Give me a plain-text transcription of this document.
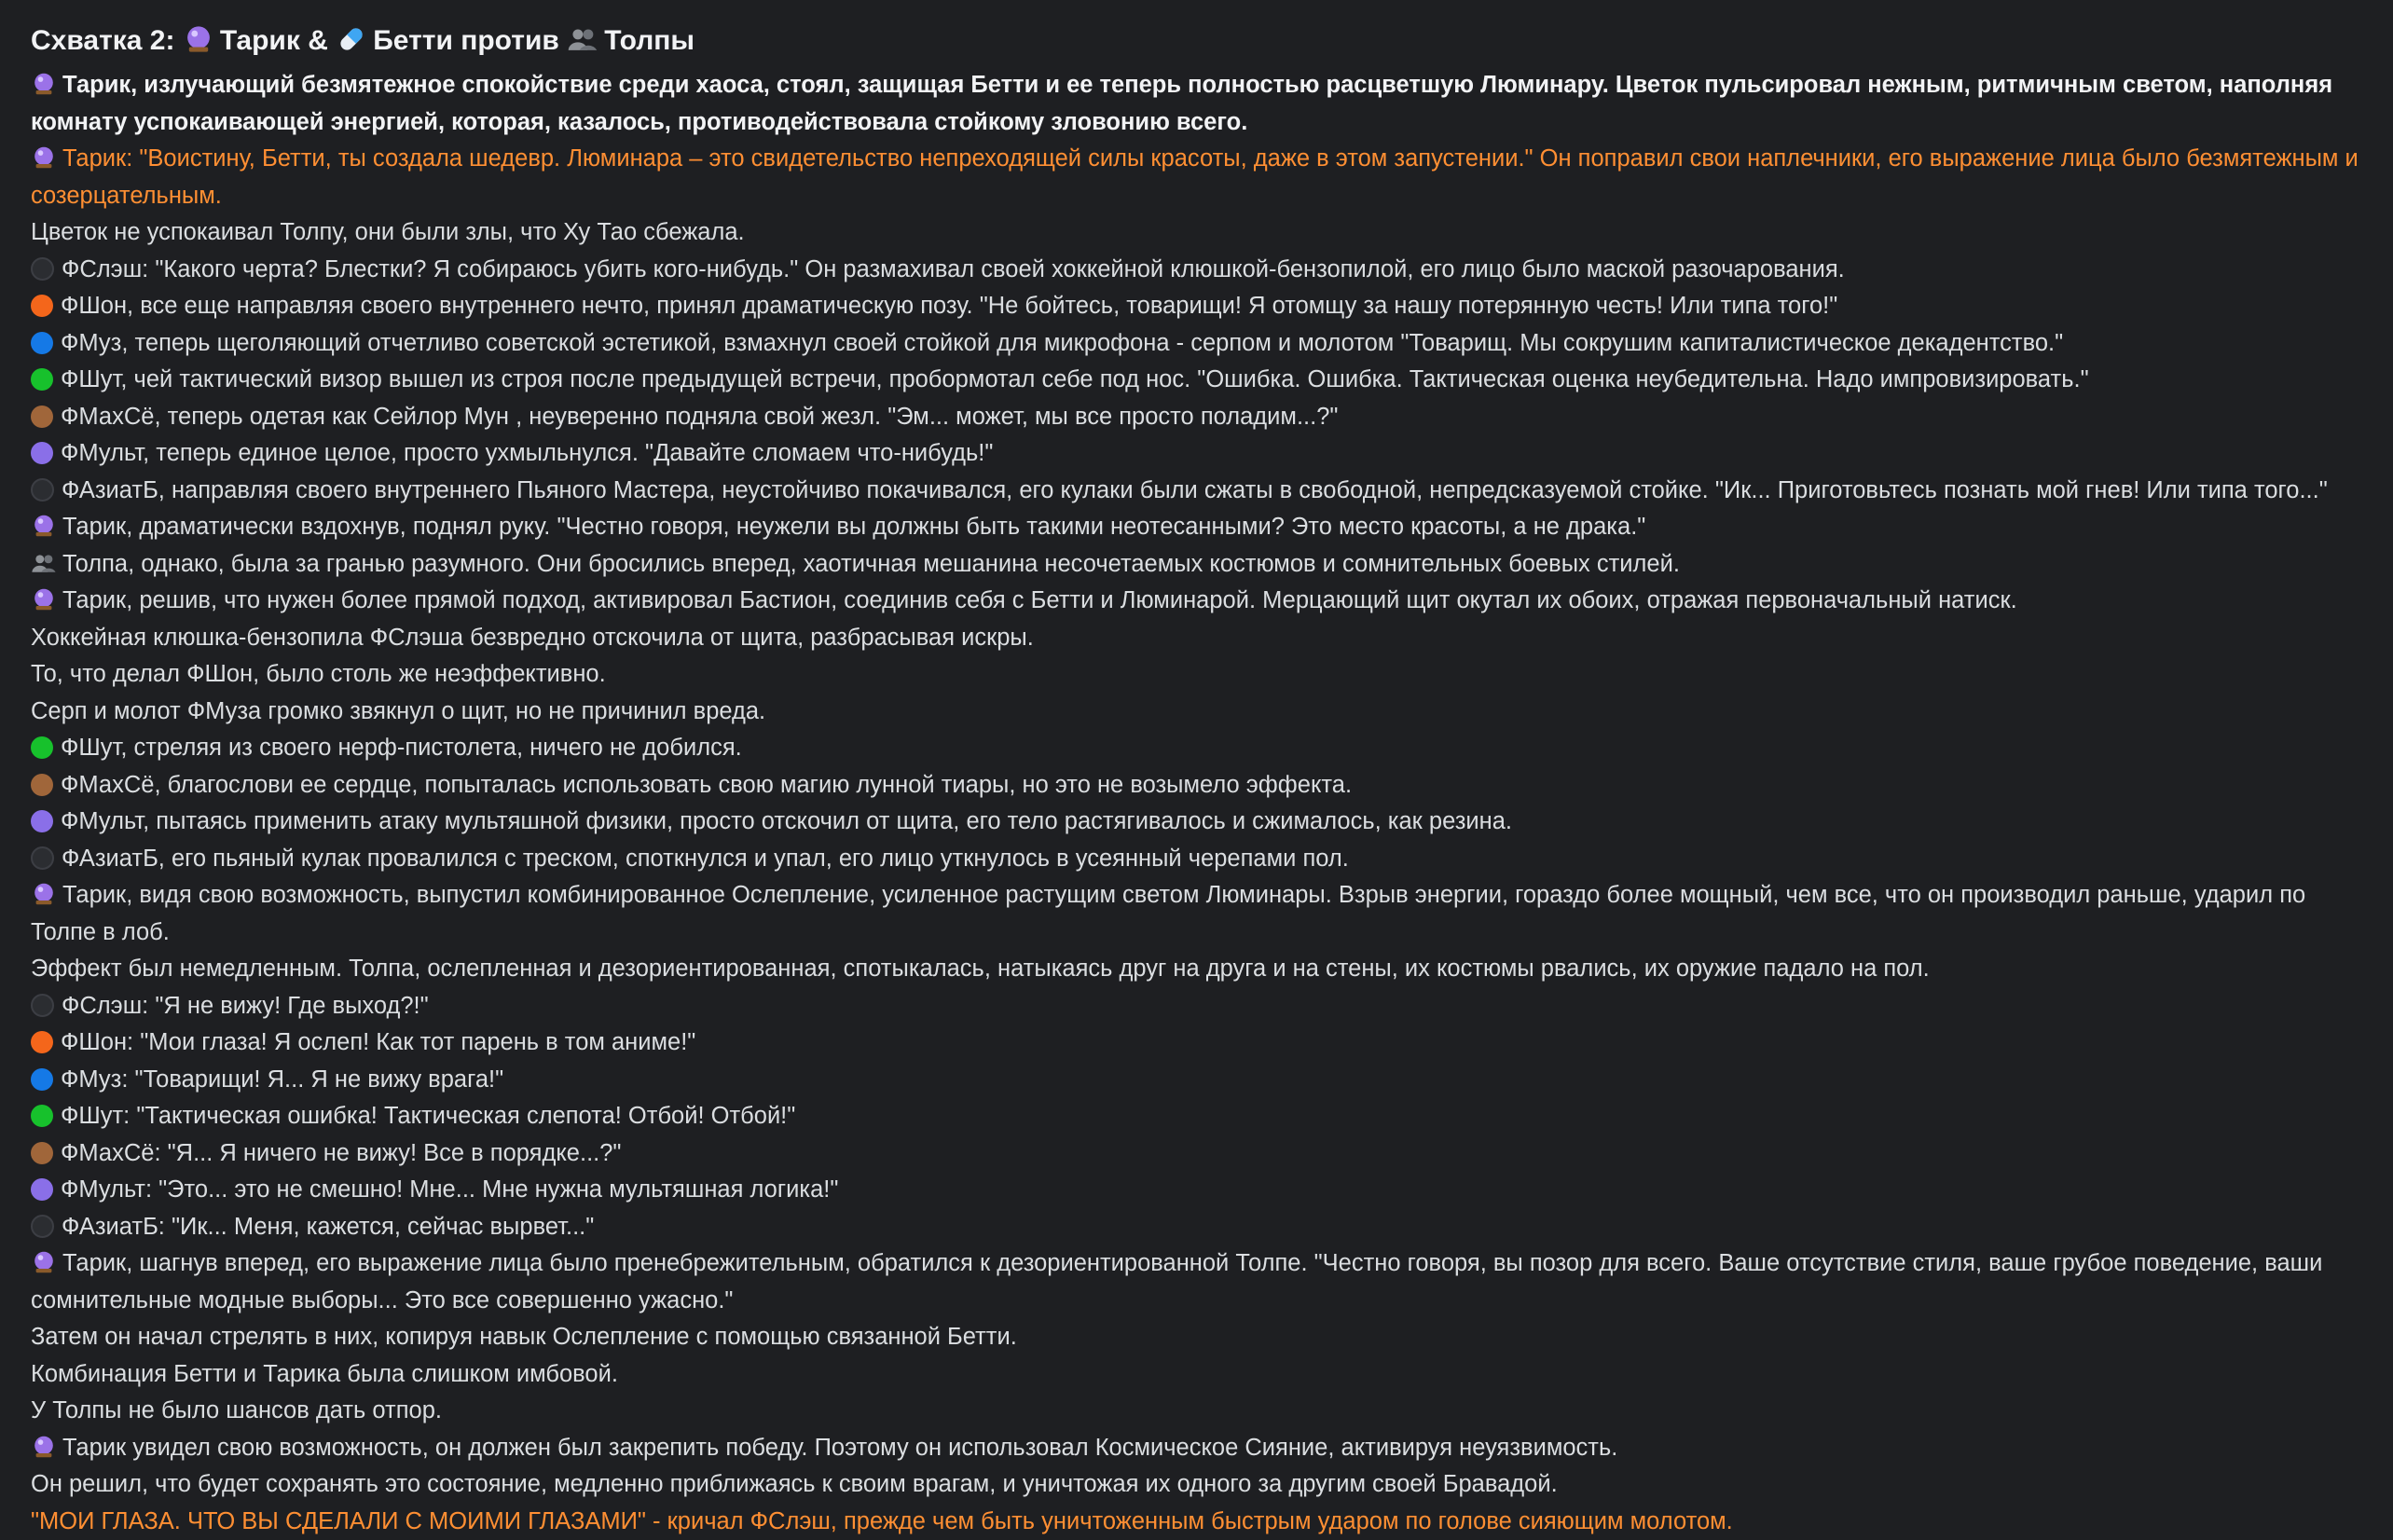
Схватка 2: Тарик & Бетти против Толпы
Тарик, излучающий безмятежное спокойствие среди хаоса, стоял, защищая Бетти и ее теперь полностью расцветшую Люминару. Цветок пульсировал нежным, ритмичным светом, наполняя комнату успокаивающей энергией, которая, казалось, противодействовала стойкому зловонию всего.
Тарик: "Воистину, Бетти, ты создала шедевр. Люминара – это свидетельство непреходящей силы красоты, даже в этом запустении." Он поправил свои наплечники, его выражение лица было безмятежным и созерцательным.
Цветок не успокаивал Толпу, они были злы, что Ху Тао сбежала.
ФСлэш: "Какого черта? Блестки? Я собираюсь убить кого-нибудь." Он размахивал своей хоккейной клюшкой-бензопилой, его лицо было маской разочарования.
ФШон, все еще направляя своего внутреннего нечто, принял драматическую позу. "Не бойтесь, товарищи! Я отомщу за нашу потерянную честь! Или типа того!"
ФМуз, теперь щеголяющий отчетливо советской эстетикой, взмахнул своей стойкой для микрофона - серпом и молотом "Товарищ. Мы сокрушим капиталистическое декадентство."
ФШут, чей тактический визор вышел из строя после предыдущей встречи, пробормотал себе под нос. "Ошибка. Ошибка. Тактическая оценка неубедительна. Надо импровизировать."
ФМахСё, теперь одетая как Сейлор Мун , неуверенно подняла свой жезл. "Эм... может, мы все просто поладим...?"
ФМульт, теперь единое целое, просто ухмыльнулся. "Давайте сломаем что-нибудь!"
ФАзиатБ, направляя своего внутреннего Пьяного Мастера, неустойчиво покачивался, его кулаки были сжаты в свободной, непредсказуемой стойке. "Ик... Приготовьтесь познать мой гнев! Или типа того..."
Тарик, драматически вздохнув, поднял руку. "Честно говоря, неужели вы должны быть такими неотесанными? Это место красоты, а не драка."
Толпа, однако, была за гранью разумного. Они бросились вперед, хаотичная мешанина несочетаемых костюмов и сомнительных боевых стилей.
Тарик, решив, что нужен более прямой подход, активировал Бастион, соединив себя с Бетти и Люминарой. Мерцающий щит окутал их обоих, отражая первоначальный натиск.
Хоккейная клюшка-бензопила ФСлэша безвредно отскочила от щита, разбрасывая искры.
То, что делал ФШон, было столь же неэффективно.
Серп и молот ФМуза громко звякнул о щит, но не причинил вреда.
ФШут, стреляя из своего нерф-пистолета, ничего не добился.
ФМахСё, благослови ее сердце, попыталась использовать свою магию лунной тиары, но это не возымело эффекта.
ФМульт, пытаясь применить атаку мультяшной физики, просто отскочил от щита, его тело растягивалось и сжималось, как резина.
ФАзиатБ, его пьяный кулак провалился с треском, споткнулся и упал, его лицо уткнулось в усеянный черепами пол.
Тарик, видя свою возможность, выпустил комбинированное Ослепление, усиленное растущим светом Люминары. Взрыв энергии, гораздо более мощный, чем все, что он производил раньше, ударил по Толпе в лоб.
Эффект был немедленным. Толпа, ослепленная и дезориентированная, спотыкалась, натыкаясь друг на друга и на стены, их костюмы рвались, их оружие падало на пол.
ФСлэш: "Я не вижу! Где выход?!"
ФШон: "Мои глаза! Я ослеп! Как тот парень в том аниме!"
ФМуз: "Товарищи! Я... Я не вижу врага!"
ФШут: "Тактическая ошибка! Тактическая слепота! Отбой! Отбой!"
ФМахСё: "Я... Я ничего не вижу! Все в порядке...?"
ФМульт: "Это... это не смешно! Мне... Мне нужна мультяшная логика!"
ФАзиатБ: "Ик... Меня, кажется, сейчас вырвет..."
Тарик, шагнув вперед, его выражение лица было пренебрежительным, обратился к дезориентированной Толпе. "Честно говоря, вы позор для всего. Ваше отсутствие стиля, ваше грубое поведение, ваши сомнительные модные выборы... Это все совершенно ужасно."
Затем он начал стрелять в них, копируя навык Ослепление с помощью связанной Бетти.
Комбинация Бетти и Тарика была слишком имбовой.
У Толпы не было шансов дать отпор.
Тарик увидел свою возможность, он должен был закрепить победу. Поэтому он использовал Космическое Сияние, активируя неуязвимость.
Он решил, что будет сохранять это состояние, медленно приближаясь к своим врагам, и уничтожая их одного за другим своей Бравадой.
"МОИ ГЛАЗА. ЧТО ВЫ СДЕЛАЛИ С МОИМИ ГЛАЗАМИ" - кричал ФСлэш, прежде чем быть уничтоженным быстрым ударом по голове сияющим молотом.
